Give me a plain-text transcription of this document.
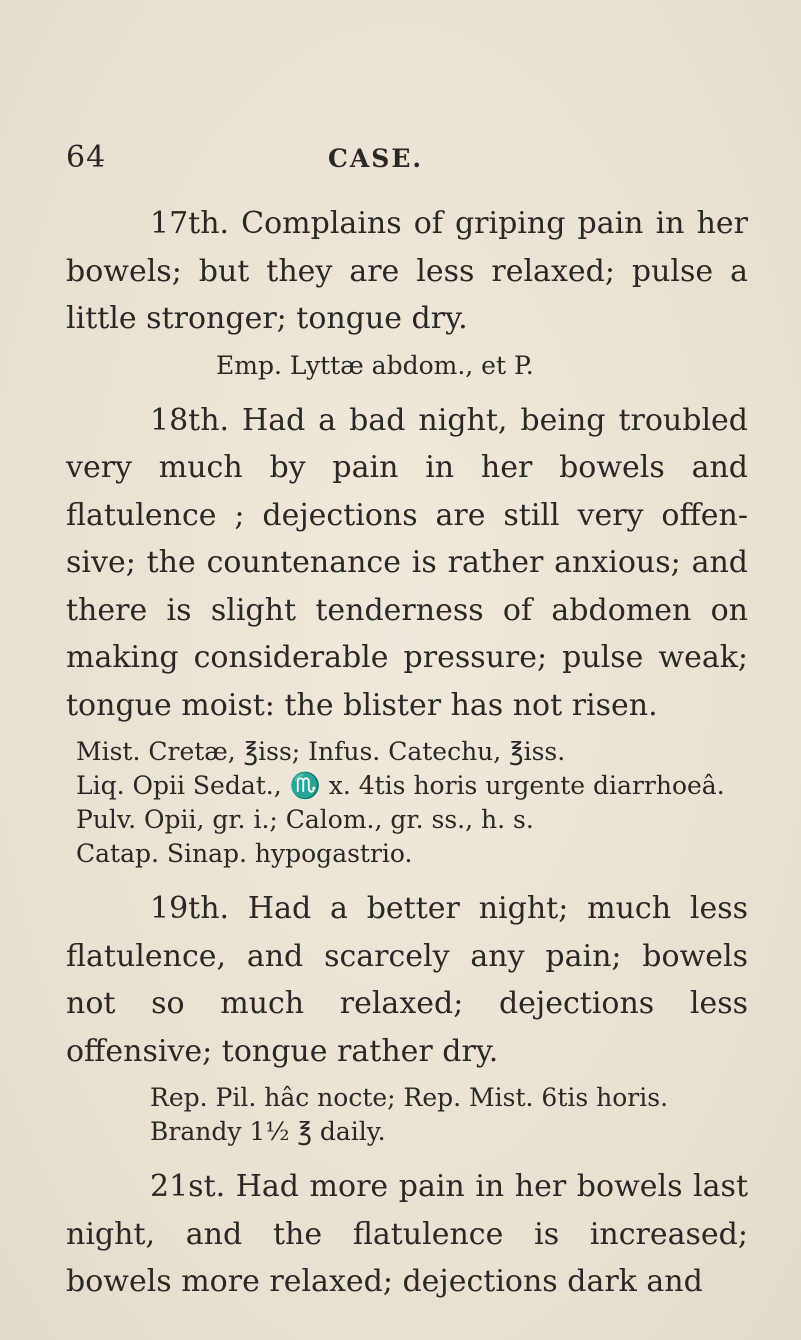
64	CASE.

17th. Complains of griping pain in her bowels; but they are less relaxed; pulse a little stronger; tongue dry.

Emp. Lyttæ abdom., et P.

18th. Had a bad night, being troubled very much by pain in her bowels and flatulence ; dejections are still very offen- sive; the countenance is rather anxious; and there is slight tenderness of abdomen on making considerable pressure; pulse weak; tongue moist: the blister has not risen.

Mist. Cretæ, ℥iss; Infus. Catechu, ℥iss.

Liq. Opii Sedat., ♏ x. 4tis horis urgente diarrhoeâ.

Pulv. Opii, gr. i.; Calom., gr. ss., h. s.

Catap. Sinap. hypogastrio.

19th. Had a better night; much less flatulence, and scarcely any pain; bowels not so much relaxed; dejections less offensive; tongue rather dry.

Rep. Pil. hâc nocte; Rep. Mist. 6tis horis.

Brandy 1½ ℥ daily.

21st. Had more pain in her bowels last night, and the flatulence is increased; bowels more relaxed; dejections dark and
